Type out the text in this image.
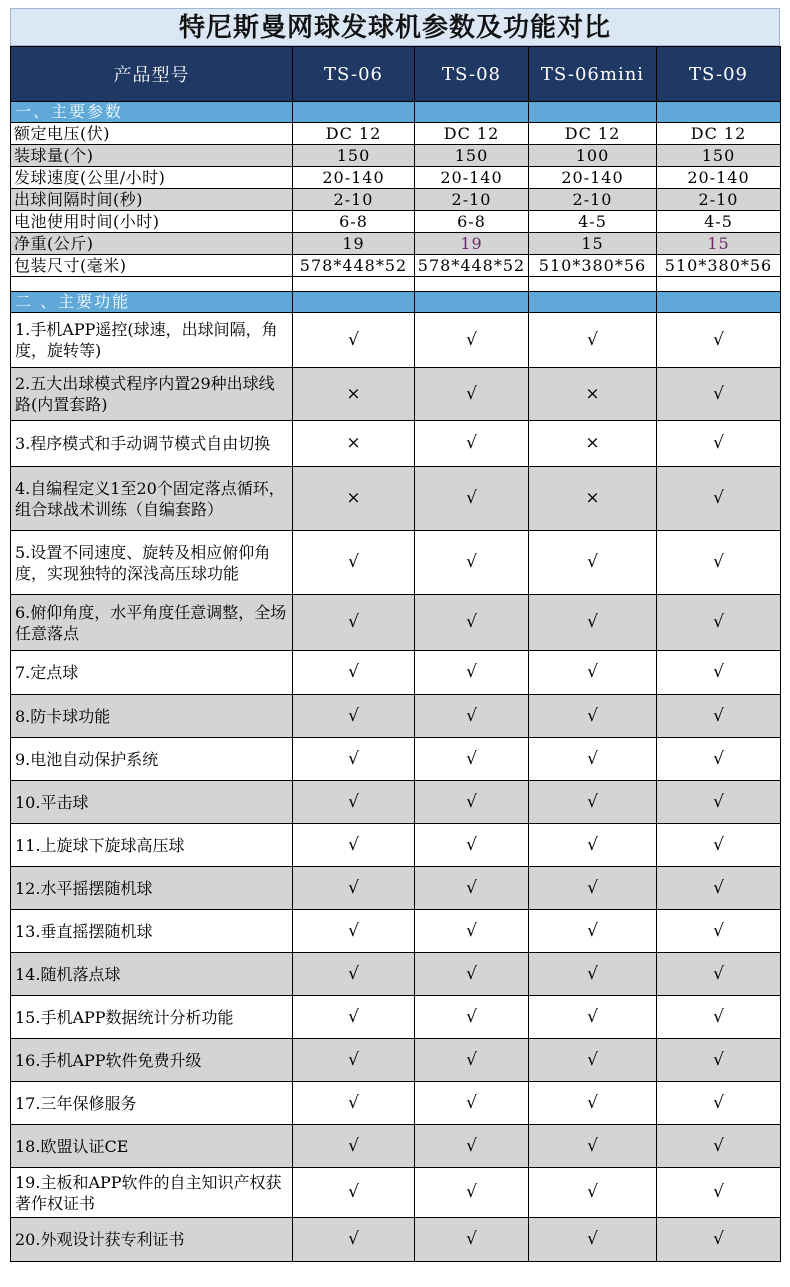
特尼斯曼网球发球机参数及功能对比
产品型号	TS-06	TS-08	TS-06mini	TS-09
一、主要参数				
额定电压(伏)	DC 12	DC 12	DC 12	DC 12
装球量(个)	150	150	100	150
发球速度(公里/小时)	20-140	20-140	20-140	20-140
出球间隔时间(秒)	2-10	2-10	2-10	2-10
电池使用时间(小时)	6-8	6-8	4-5	4-5
净重(公斤)	19	19	15	15
包装尺寸(毫米)	578*448*52	578*448*52	510*380*56	510*380*56

二 、主要功能				
1.手机APP遥控(球速，出球间隔，角度，旋转等)	√	√	√	√
2.五大出球模式程序内置29种出球线路(内置套路)	×	√	×	√
3.程序模式和手动调节模式自由切换	×	√	×	√
4.自编程定义1至20个固定落点循环，组合球战术训练（自编套路）	×	√	×	√
5.设置不同速度、旋转及相应俯仰角度，实现独特的深浅高压球功能	√	√	√	√
6.俯仰角度，水平角度任意调整，全场任意落点	√	√	√	√
7.定点球	√	√	√	√
8.防卡球功能	√	√	√	√
9.电池自动保护系统	√	√	√	√
10.平击球	√	√	√	√
11.上旋球下旋球高压球	√	√	√	√
12.水平摇摆随机球	√	√	√	√
13.垂直摇摆随机球	√	√	√	√
14.随机落点球	√	√	√	√
15.手机APP数据统计分析功能	√	√	√	√
16.手机APP软件免费升级	√	√	√	√
17.三年保修服务	√	√	√	√
18.欧盟认证CE	√	√	√	√
19.主板和APP软件的自主知识产权获著作权证书	√	√	√	√
20.外观设计获专利证书	√	√	√	√
